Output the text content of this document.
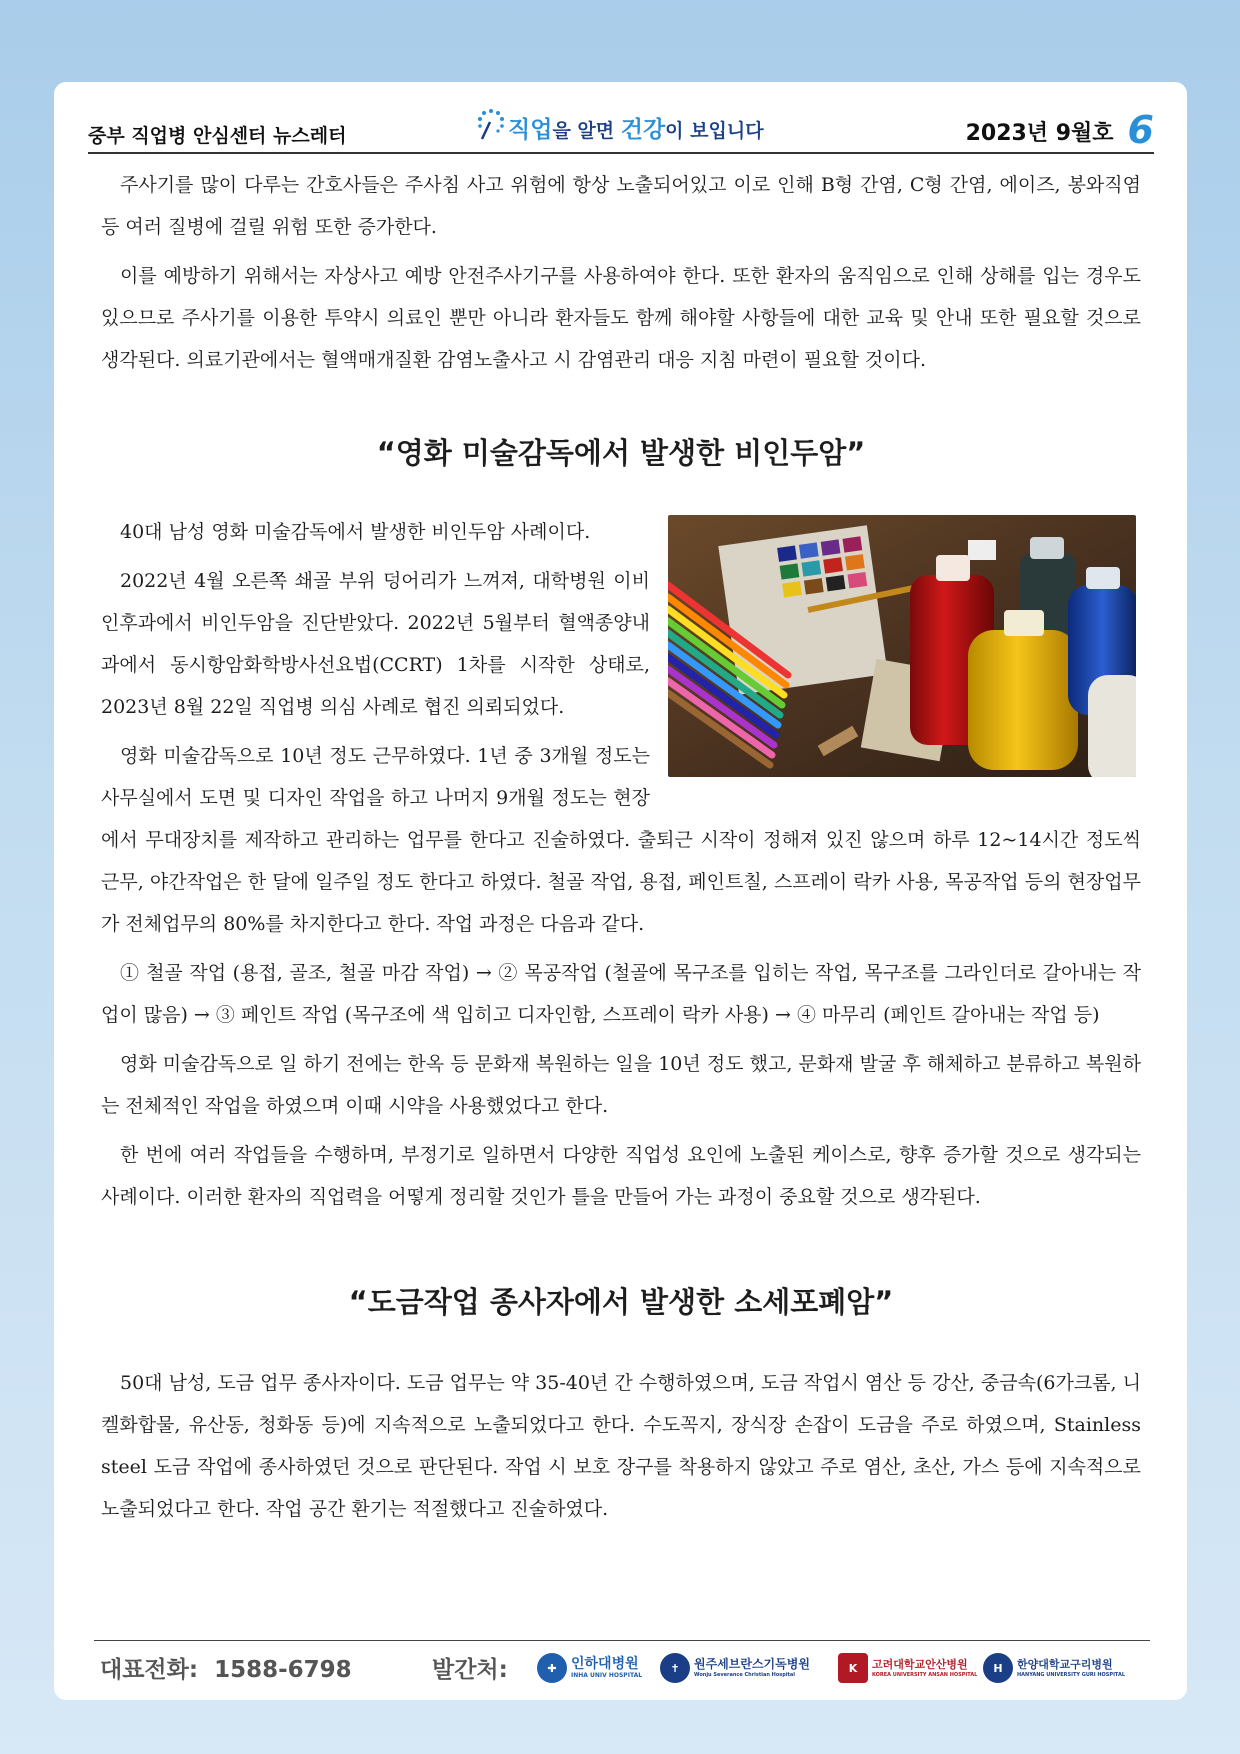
중부 직업병 안심센터 뉴스레터	직업을 알면 건강이 보입니다	2023년 9월호 6

주사기를 많이 다루는 간호사들은 주사침 사고 위험에 항상 노출되어있고 이로 인해 B형 간염, C형 간염, 에이즈, 봉와직염 등 여러 질병에 걸릴 위험 또한 증가한다.

이를 예방하기 위해서는 자상사고 예방 안전주사기구를 사용하여야 한다. 또한 환자의 움직임으로 인해 상해를 입는 경우도 있으므로 주사기를 이용한 투약시 의료인 뿐만 아니라 환자들도 함께 해야할 사항들에 대한 교육 및 안내 또한 필요할 것으로 생각된다. 의료기관에서는 혈액매개질환 감염노출사고 시 감염관리 대응 지침 마련이 필요할 것이다.

“영화 미술감독에서 발생한 비인두암”

40대 남성 영화 미술감독에서 발생한 비인두암 사례이다.

2022년 4월 오른쪽 쇄골 부위 덩어리가 느껴져, 대학병원 이비인후과에서 비인두암을 진단받았다. 2022년 5월부터 혈액종양내과에서 동시항암화학방사선요법(CCRT) 1차를 시작한 상태로, 2023년 8월 22일 직업병 의심 사례로 협진 의뢰되었다.

영화 미술감독으로 10년 정도 근무하였다. 1년 중 3개월 정도는 사무실에서 도면 및 디자인 작업을 하고 나머지 9개월 정도는 현장에서 무대장치를 제작하고 관리하는 업무를 한다고 진술하였다. 출퇴근 시작이 정해져 있진 않으며 하루 12~14시간 정도씩 근무, 야간작업은 한 달에 일주일 정도 한다고 하였다. 철골 작업, 용접, 페인트칠, 스프레이 락카 사용, 목공작업 등의 현장업무가 전체업무의 80%를 차지한다고 한다. 작업 과정은 다음과 같다.

① 철골 작업 (용접, 골조, 철골 마감 작업) → ② 목공작업 (철골에 목구조를 입히는 작업, 목구조를 그라인더로 갈아내는 작업이 많음) → ③ 페인트 작업 (목구조에 색 입히고 디자인함, 스프레이 락카 사용) → ④ 마무리 (페인트 갈아내는 작업 등)

영화 미술감독으로 일 하기 전에는 한옥 등 문화재 복원하는 일을 10년 정도 했고, 문화재 발굴 후 해체하고 분류하고 복원하는 전체적인 작업을 하였으며 이때 시약을 사용했었다고 한다.

한 번에 여러 작업들을 수행하며, 부정기로 일하면서 다양한 직업성 요인에 노출된 케이스로, 향후 증가할 것으로 생각되는 사례이다. 이러한 환자의 직업력을 어떻게 정리할 것인가 틀을 만들어 가는 과정이 중요할 것으로 생각된다.

“도금작업 종사자에서 발생한 소세포폐암”

50대 남성, 도금 업무 종사자이다. 도금 업무는 약 35-40년 간 수행하였으며, 도금 작업시 염산 등 강산, 중금속(6가크롬, 니켈화합물, 유산동, 청화동 등)에 지속적으로 노출되었다고 한다. 수도꼭지, 장식장 손잡이 도금을 주로 하였으며, Stainless steel 도금 작업에 종사하였던 것으로 판단된다. 작업 시 보호 장구를 착용하지 않았고 주로 염산, 초산, 가스 등에 지속적으로 노출되었다고 한다. 작업 공간 환기는 적절했다고 진술하였다.

대표전화: 1588-6798	발간처:	✚	인하대병원
INHA UNIV HOSPITAL
✝	원주세브란스기독병원
Wonju Severance Christian Hospital
K	고려대학교안산병원
KOREA UNIVERSITY ANSAN HOSPITAL
H	한양대학교구리병원
HANYANG UNIVERSITY GURI HOSPITAL
